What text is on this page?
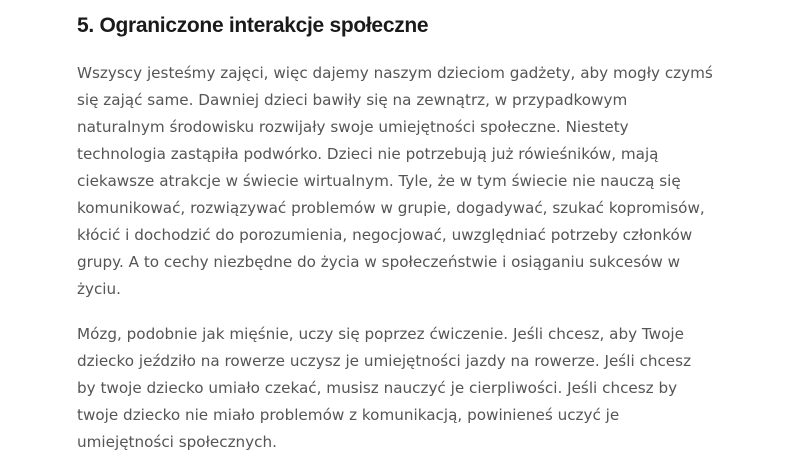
5. Ograniczone interakcje społeczne

Wszyscy jesteśmy zajęci, więc dajemy naszym dzieciom gadżety, aby mogły czymś
się zająć same. Dawniej dzieci bawiły się na zewnątrz, w przypadkowym
naturalnym środowisku rozwijały swoje umiejętności społeczne. Niestety
technologia zastąpiła podwórko. Dzieci nie potrzebują już rówieśników, mają
ciekawsze atrakcje w świecie wirtualnym. Tyle, że w tym świecie nie nauczą się
komunikować, rozwiązywać problemów w grupie, dogadywać, szukać kopromisów,
kłócić i dochodzić do porozumienia, negocjować, uwzględniać potrzeby członków
grupy. A to cechy niezbędne do życia w społeczeństwie i osiąganiu sukcesów w
życiu.

Mózg, podobnie jak mięśnie, uczy się poprzez ćwiczenie. Jeśli chcesz, aby Twoje
dziecko jeździło na rowerze uczysz je umiejętności jazdy na rowerze. Jeśli chcesz
by twoje dziecko umiało czekać, musisz nauczyć je cierpliwości. Jeśli chcesz by
twoje dziecko nie miało problemów z komunikacją, powinieneś uczyć je
umiejętności społecznych.
